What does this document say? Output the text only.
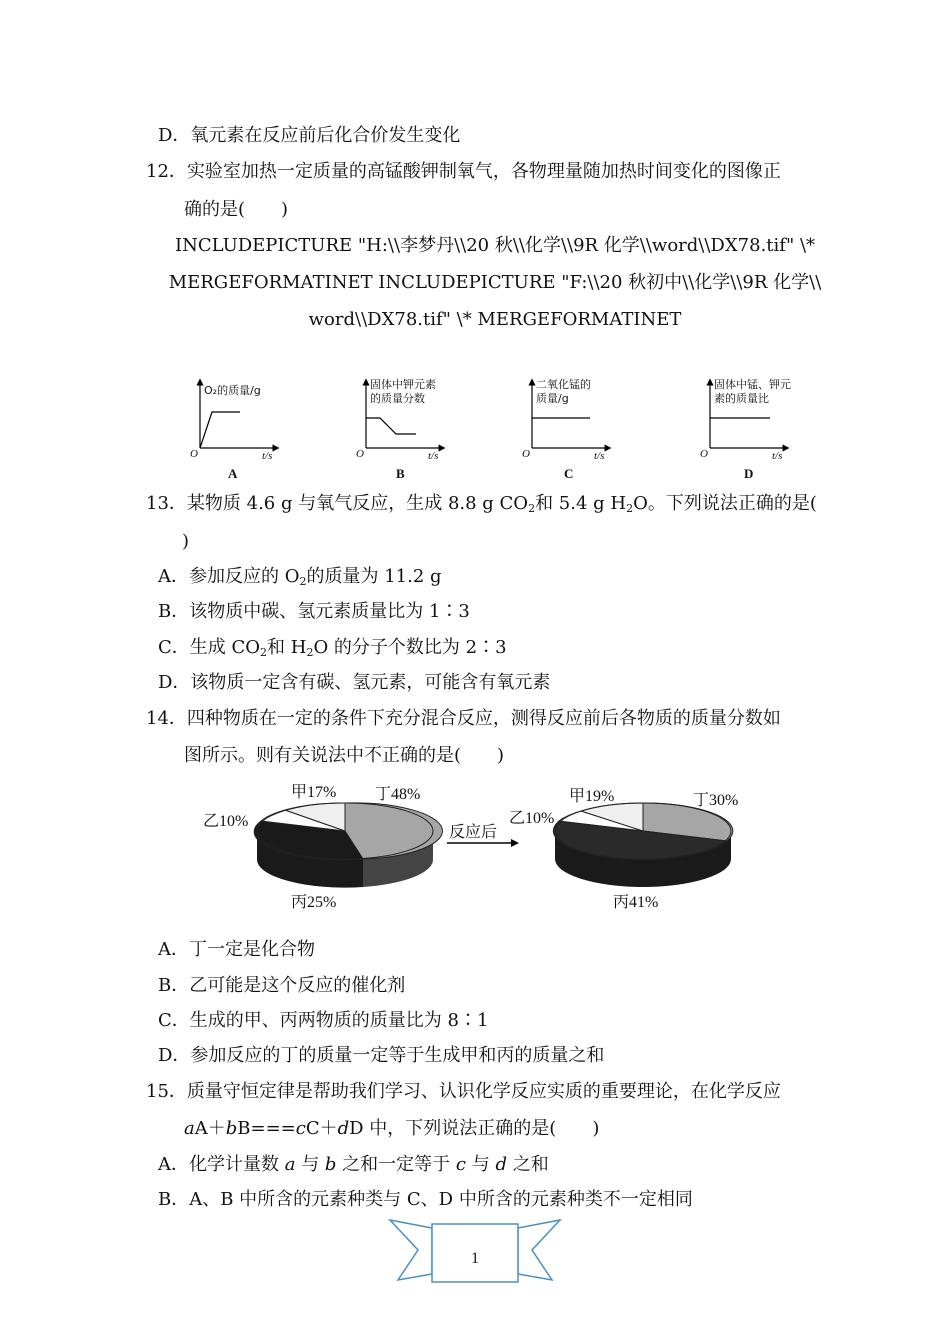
D．氧元素在反应前后化合价发生变化
12．实验室加热一定质量的高锰酸钾制氧气，各物理量随加热时间变化的图像正
确的是(　　)
INCLUDEPICTURE "H:\\李梦丹\\20 秋\\化学\\9R 化学\\word\\DX78.tif" \*
MERGEFORMATINET INCLUDEPICTURE "F:\\20 秋初中\\化学\\9R 化学\\
word\\DX78.tif" \* MERGEFORMATINET
O₂的质量/g
O	t/s
A
固体中钾元素
的质量分数
O	t/s
B
二氧化锰的
质量/g
O	t/s
C
固体中锰、钾元
素的质量比
O	t/s
D
13．某物质 4.6 g 与氧气反应，生成 8.8 g $CO_2$和 5.4 g $H_2O$。下列说法正确的是(
)
A．参加反应的 $O_2$的质量为 11.2 g
B．该物质中碳、氢元素质量比为 1∶3
C．生成 $CO_2$和 $H_2O$ 的分子个数比为 2∶3
D．该物质一定含有碳、氢元素，可能含有氧元素
14．四种物质在一定的条件下充分混合反应，测得反应前后各物质的质量分数如
图所示。则有关说法中不正确的是(　　)
甲17% 丁48%
乙10%
丙25%
反应后
甲19%	丁30%
乙10%
丙41%
A．丁一定是化合物
B．乙可能是这个反应的催化剂
C．生成的甲、丙两物质的质量比为 8∶1
D．参加反应的丁的质量一定等于生成甲和丙的质量之和
15．质量守恒定律是帮助我们学习、认识化学反应实质的重要理论，在化学反应
aA＋bB===cC＋dD 中，下列说法正确的是(　　)
A．化学计量数 a 与 b 之和一定等于 c 与 d 之和
B．A、B 中所含的元素种类与 C、D 中所含的元素种类不一定相同
1
